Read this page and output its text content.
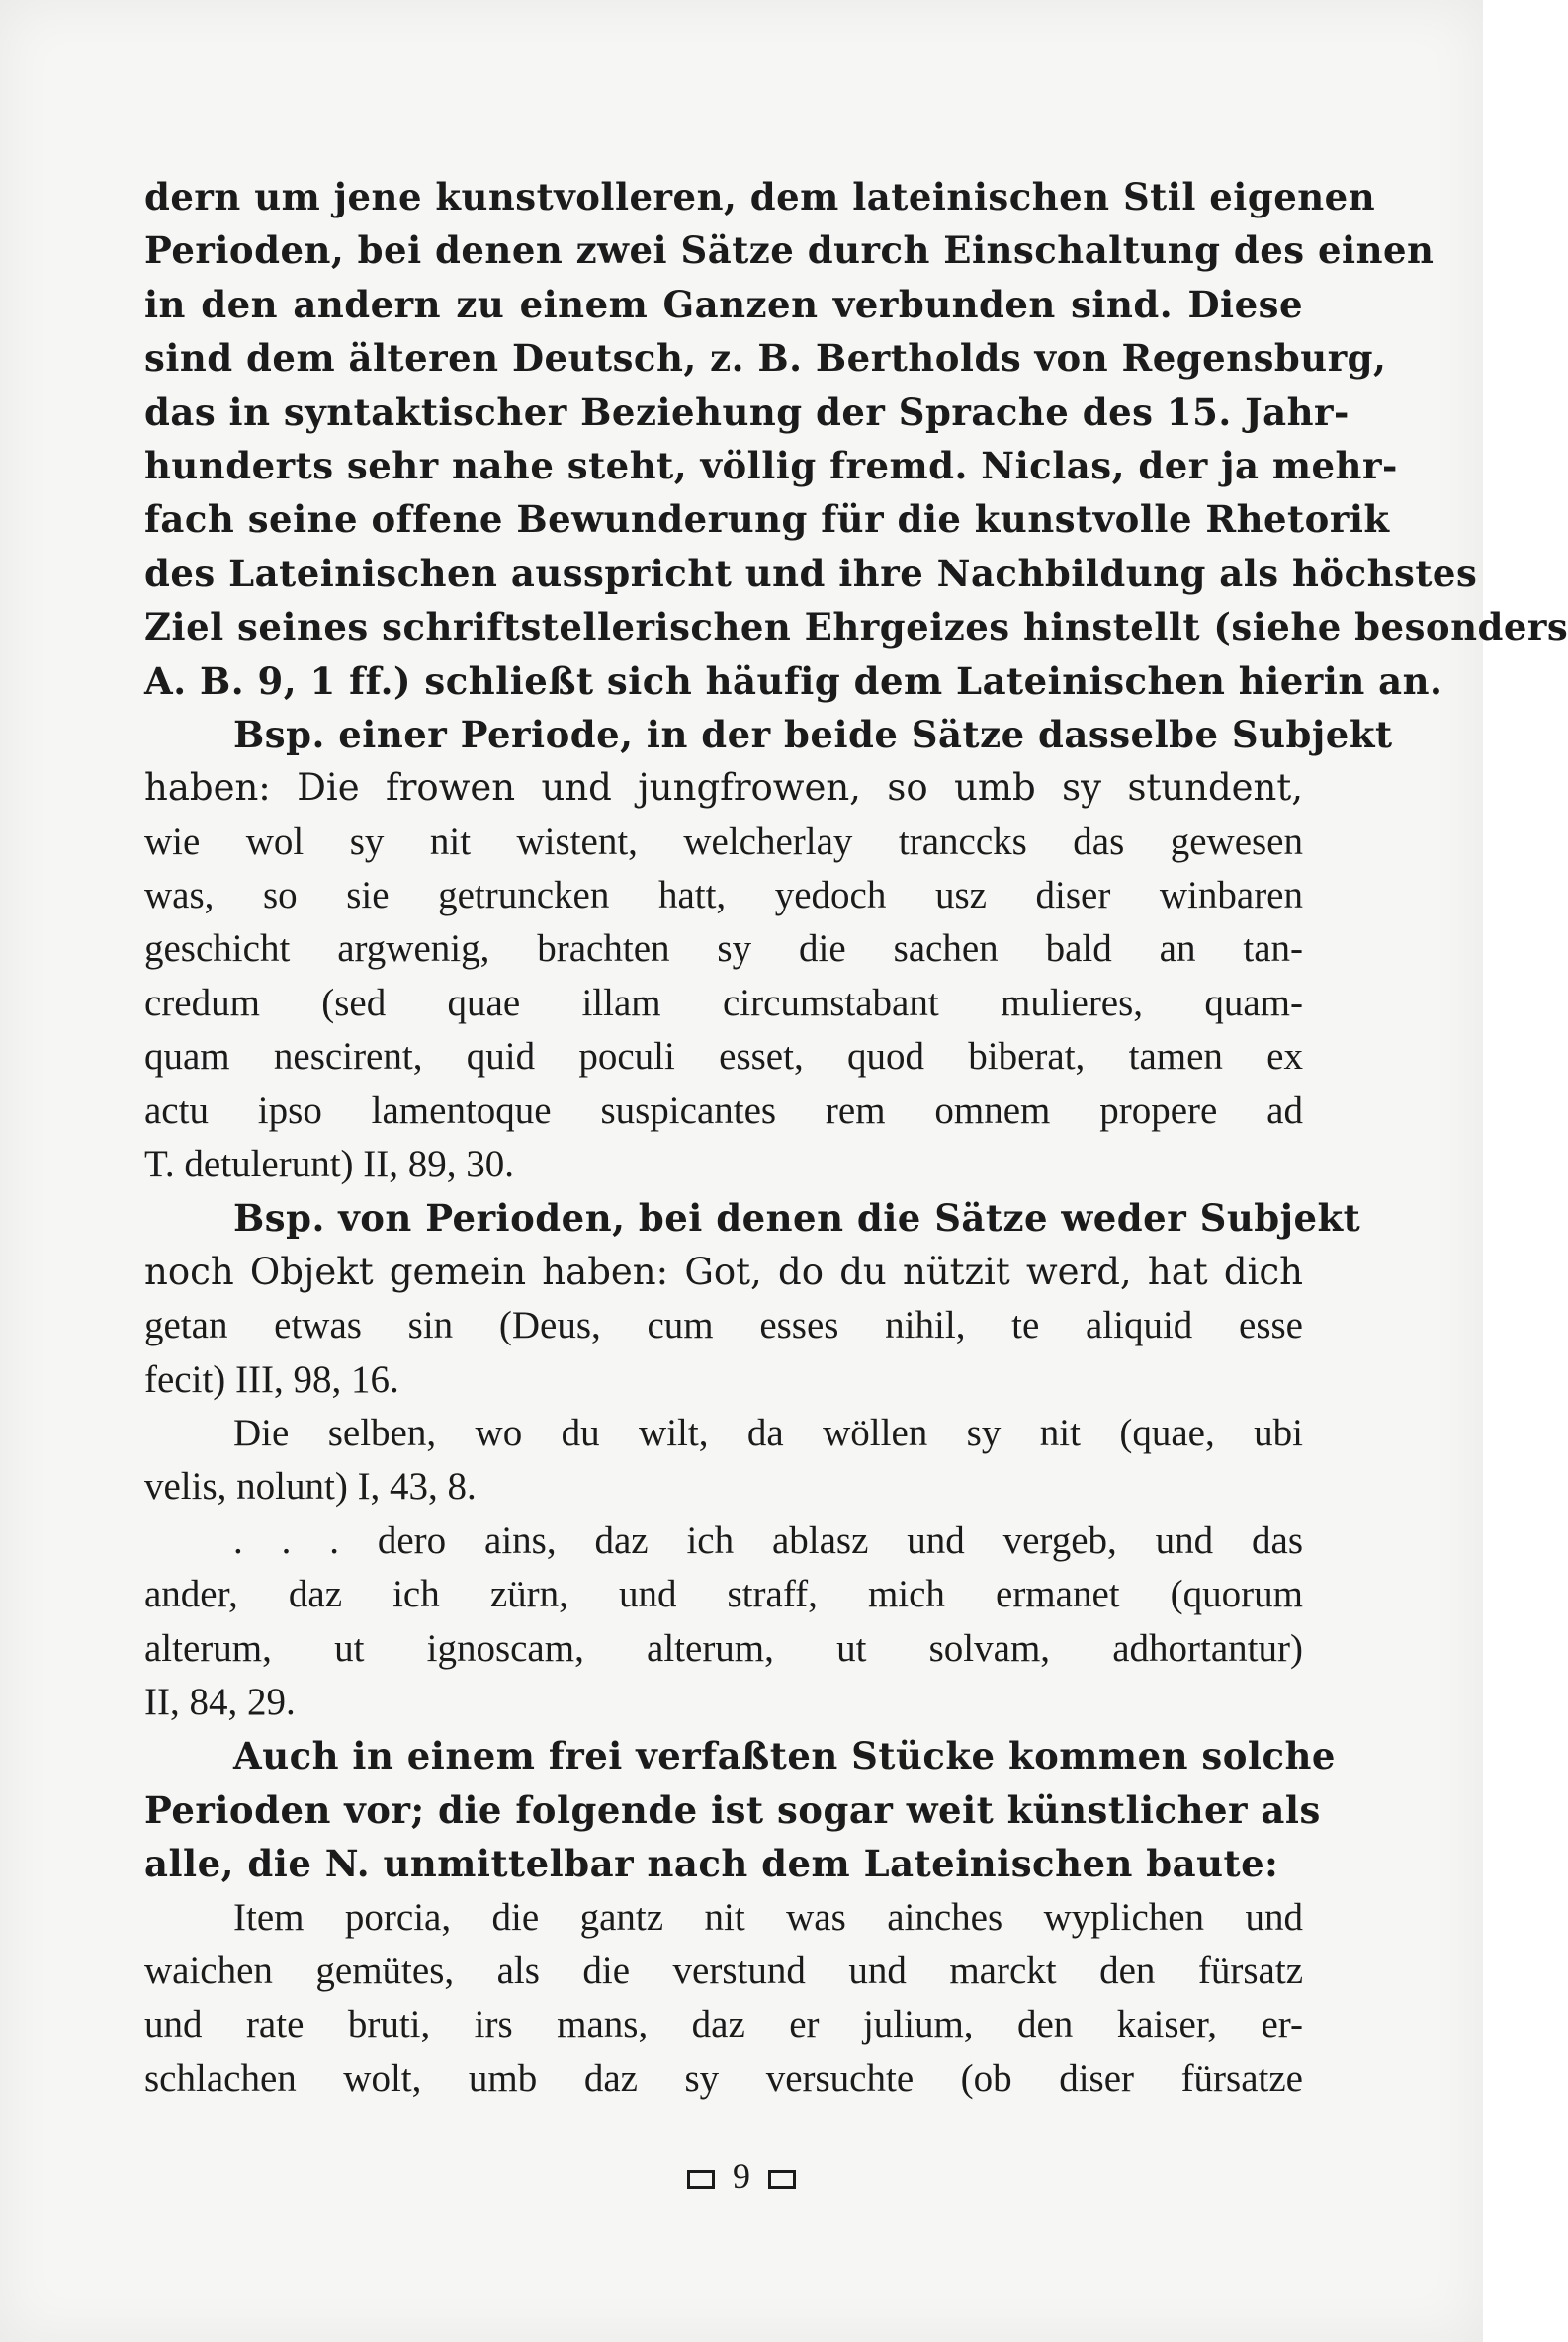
dern um jene kunstvolleren, dem lateinischen Stil eigenen
Perioden, bei denen zwei Sätze durch Einschaltung des einen
in den andern zu einem Ganzen verbunden sind. Diese
sind dem älteren Deutsch, z. B. Bertholds von Regensburg,
das in syntaktischer Beziehung der Sprache des 15. Jahr-
hunderts sehr nahe steht, völlig fremd. Niclas, der ja mehr-
fach seine offene Bewunderung für die kunstvolle Rhetorik
des Lateinischen ausspricht und ihre Nachbildung als höchstes
Ziel seines schriftstellerischen Ehrgeizes hinstellt (siehe besonders
A. B. 9, 1 ff.) schließt sich häufig dem Lateinischen hierin an.
Bsp. einer Periode, in der beide Sätze dasselbe Subjekt
haben: Die frowen und jungfrowen, so umb sy stundent,
wie wol sy nit wistent, welcherlay tranccks das gewesen
was, so sie getruncken hatt, yedoch usz diser winbaren
geschicht argwenig, brachten sy die sachen bald an tan-
credum (sed quae illam circumstabant mulieres, quam-
quam nescirent, quid poculi esset, quod biberat, tamen ex
actu ipso lamentoque suspicantes rem omnem propere ad
T. detulerunt) II, 89, 30.
Bsp. von Perioden, bei denen die Sätze weder Subjekt
noch Objekt gemein haben: Got, do du nützit werd, hat dich
getan etwas sin (Deus, cum esses nihil, te aliquid esse
fecit) III, 98, 16.
Die selben, wo du wilt, da wöllen sy nit (quae, ubi
velis, nolunt) I, 43, 8.
. . . dero ains, daz ich ablasz und vergeb, und das
ander, daz ich zürn, und straff, mich ermanet (quorum
alterum, ut ignoscam, alterum, ut solvam, adhortantur)
II, 84, 29.
Auch in einem frei verfaßten Stücke kommen solche
Perioden vor; die folgende ist sogar weit künstlicher als
alle, die N. unmittelbar nach dem Lateinischen baute:
Item porcia, die gantz nit was ainches wyplichen und
waichen gemütes, als die verstund und marckt den fürsatz
und rate bruti, irs mans, daz er julium, den kaiser, er-
schlachen wolt, umb daz sy versuchte (ob diser fürsatze
9
